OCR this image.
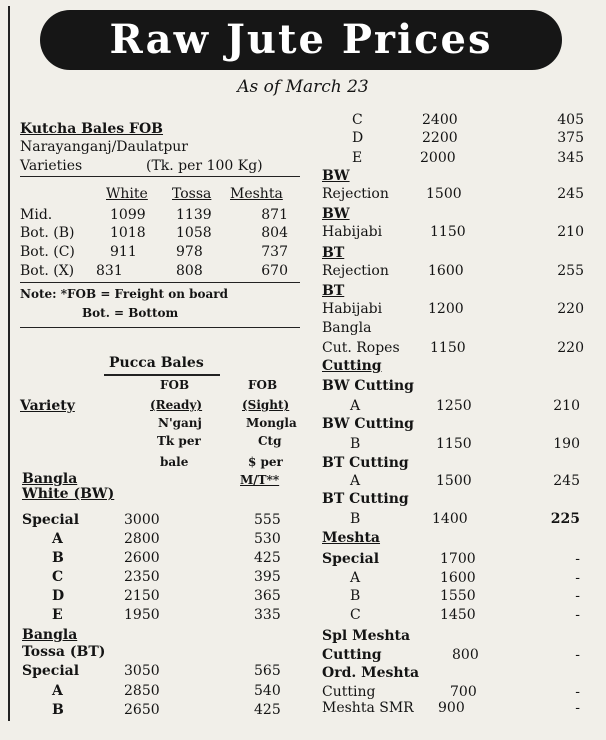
Raw Jute Prices
As of March 23
Kutcha Bales FOB
Narayanganj/Daulatpur
Varieties	(Tk. per 100 Kg)
White Tossa Meshta
Mid.	1099 1139	871
Bot. (B)	1018 1058	804
Bot. (C)	911	978	737
Bot. (X) 831	808	670
Note: *FOB = Freight on board
Bot. = Bottom
Pucca Bales
FOB
(Ready)
N'ganj
Tk per
bale
FOB
(Sight)
Mongla
Ctg
$ per
M/T**
Variety
Bangla
White (BW)
Special	3000	555
A	2800	530
B	2600	425
C	2350	395
D	2150	365
E	1950	335
Bangla
Tossa (BT)
Special	3050	565
A	2850	540
B	2650	425
C	2400	405
D	2200	375
E	2000	345
BW
Rejection	1500	245
BW
Habijabi	1150	210
BT
Rejection	1600	255
BT
Habijabi	1200	220
Bangla
Cut. Ropes 1150	220
Cutting
BW Cutting
A	1250	210
BW Cutting
B	1150	190
BT Cutting
A	1500	245
BT Cutting
B	1400	225
Meshta
Special	1700	-
A	1600	-
B	1550	-
C	1450	-
Spl Meshta
Cutting	800	-
Ord. Meshta
Cutting	700	-
Meshta SMR 900	-
